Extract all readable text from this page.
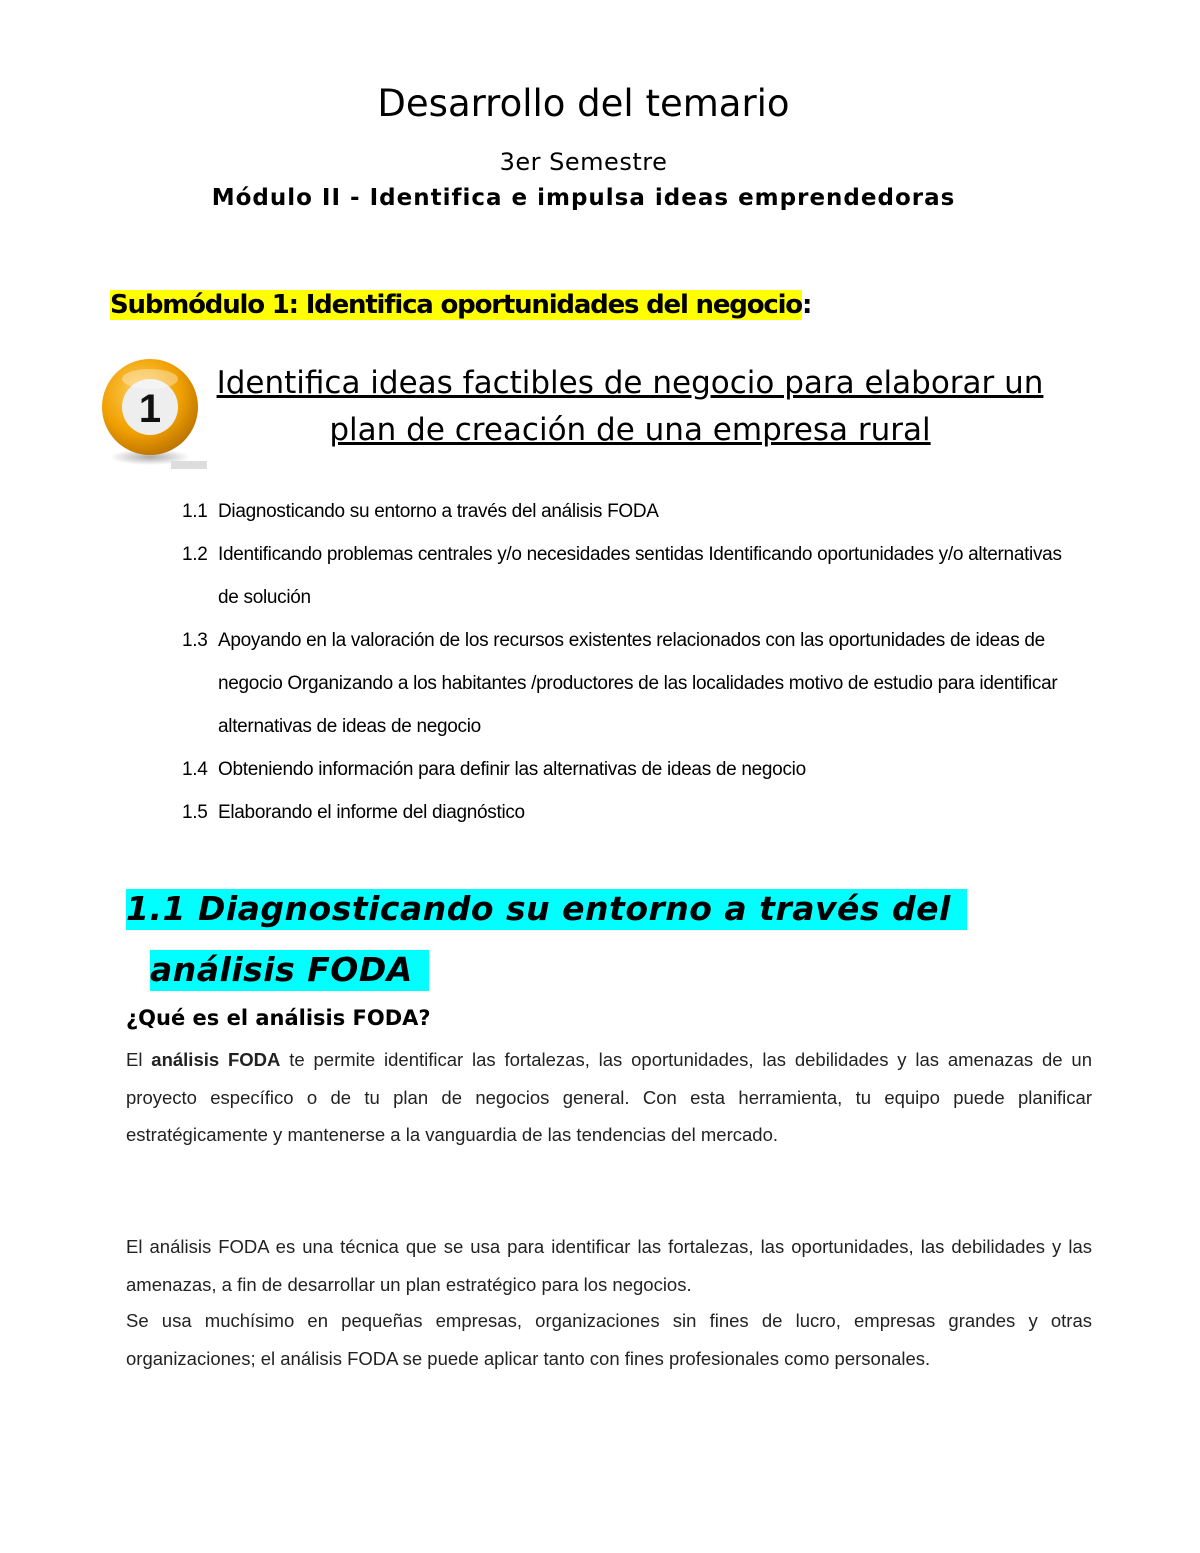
Desarrollo del temario
3er Semestre
Módulo II - Identifica e impulsa ideas emprendedoras
Submódulo 1: Identifica oportunidades del negocio:
1
Identifica ideas factibles de negocio para elaborar un
plan de creación de una empresa rural
1.1 Diagnosticando su entorno a través del análisis FODA
1.2 Identificando problemas centrales y/o necesidades sentidas Identificando oportunidades y/o alternativas de solución
1.3 Apoyando en la valoración de los recursos existentes relacionados con las oportunidades de ideas de negocio Organizando a los habitantes /productores de las localidades motivo de estudio para identificar alternativas de ideas de negocio
1.4 Obteniendo información para definir las alternativas de ideas de negocio
1.5 Elaborando el informe del diagnóstico
1.1 Diagnosticando su entorno a través del
análisis FODA
¿Qué es el análisis FODA?
El análisis FODA te permite identificar las fortalezas, las oportunidades, las debilidades y las amenazas de un proyecto específico o de tu plan de negocios general. Con esta herramienta, tu equipo puede planificar estratégicamente y mantenerse a la vanguardia de las tendencias del mercado.
El análisis FODA es una técnica que se usa para identificar las fortalezas, las oportunidades, las debilidades y las amenazas, a fin de desarrollar un plan estratégico para los negocios.
Se usa muchísimo en pequeñas empresas, organizaciones sin fines de lucro, empresas grandes y otras organizaciones; el análisis FODA se puede aplicar tanto con fines profesionales como personales.
